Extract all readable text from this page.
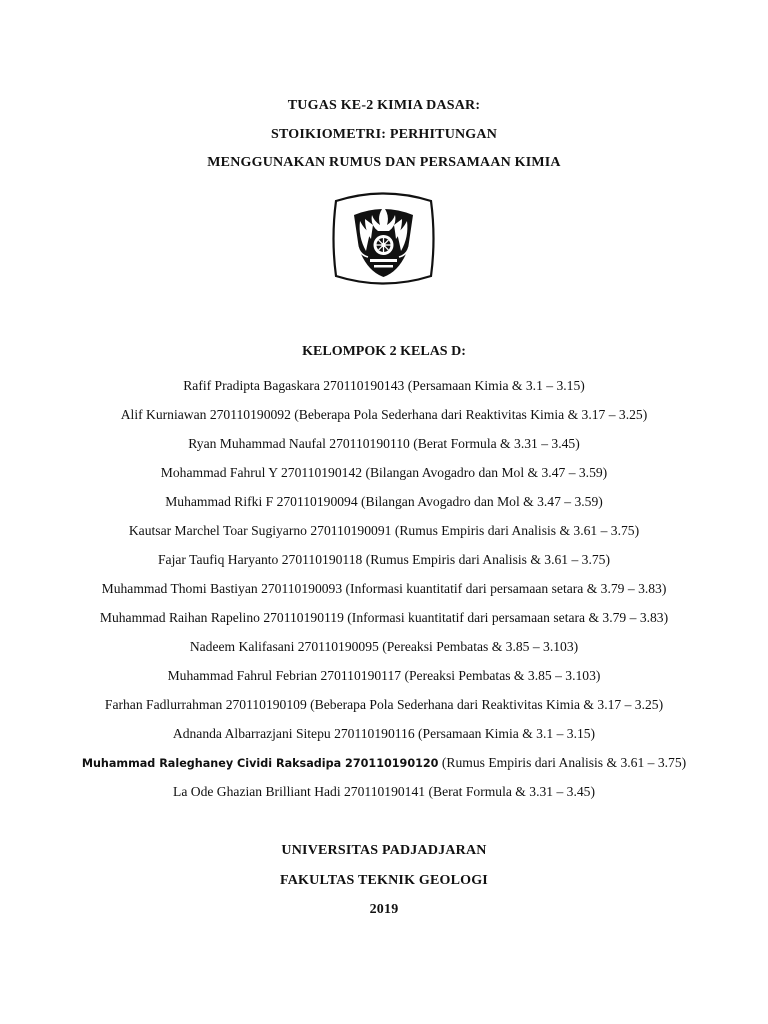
TUGAS KE-2 KIMIA DASAR:
STOIKIOMETRI: PERHITUNGAN
MENGGUNAKAN RUMUS DAN PERSAMAAN KIMIA
KELOMPOK 2 KELAS D:
Rafif Pradipta Bagaskara 270110190143 (Persamaan Kimia & 3.1 – 3.15)
Alif Kurniawan 270110190092 (Beberapa Pola Sederhana dari Reaktivitas Kimia & 3.17 – 3.25)
Ryan Muhammad Naufal 270110190110 (Berat Formula & 3.31 – 3.45)
Mohammad Fahrul Y 270110190142 (Bilangan Avogadro dan Mol & 3.47 – 3.59)
Muhammad Rifki F 270110190094 (Bilangan Avogadro dan Mol & 3.47 – 3.59)
Kautsar Marchel Toar Sugiyarno 270110190091 (Rumus Empiris dari Analisis & 3.61 – 3.75)
Fajar Taufiq Haryanto 270110190118 (Rumus Empiris dari Analisis & 3.61 – 3.75)
Muhammad Thomi Bastiyan 270110190093 (Informasi kuantitatif dari persamaan setara & 3.79 – 3.83)
Muhammad Raihan Rapelino 270110190119 (Informasi kuantitatif dari persamaan setara & 3.79 – 3.83)
Nadeem Kalifasani 270110190095 (Pereaksi Pembatas & 3.85 – 3.103)
Muhammad Fahrul Febrian 270110190117 (Pereaksi Pembatas & 3.85 – 3.103)
Farhan Fadlurrahman 270110190109 (Beberapa Pola Sederhana dari Reaktivitas Kimia & 3.17 – 3.25)
Adnanda Albarrazjani Sitepu 270110190116 (Persamaan Kimia & 3.1 – 3.15)
Muhammad Raleghaney Cividi Raksadipa 270110190120 (Rumus Empiris dari Analisis & 3.61 – 3.75)
La Ode Ghazian Brilliant Hadi 270110190141 (Berat Formula & 3.31 – 3.45)
UNIVERSITAS PADJADJARAN
FAKULTAS TEKNIK GEOLOGI
2019
